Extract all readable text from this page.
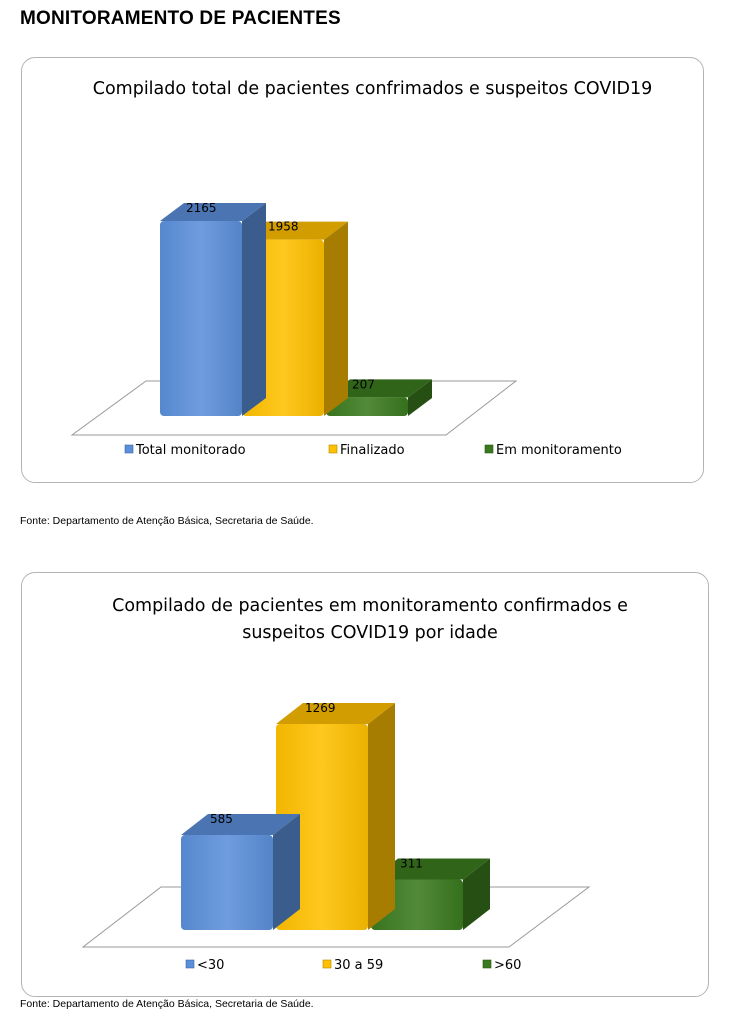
MONITORAMENTO DE PACIENTES
Compilado total de pacientes confrimados e suspeitos COVID19
207
Em monitoramento
1958
Finalizado
2165
Total monitorado
Fonte: Departamento de Atenção Básica, Secretaria de Saúde.
Compilado de pacientes em monitoramento confirmados e suspeitos COVID19 por idade
311
>60
1269
30 a 59
585
<30
Fonte: Departamento de Atenção Básica, Secretaria de Saúde.
